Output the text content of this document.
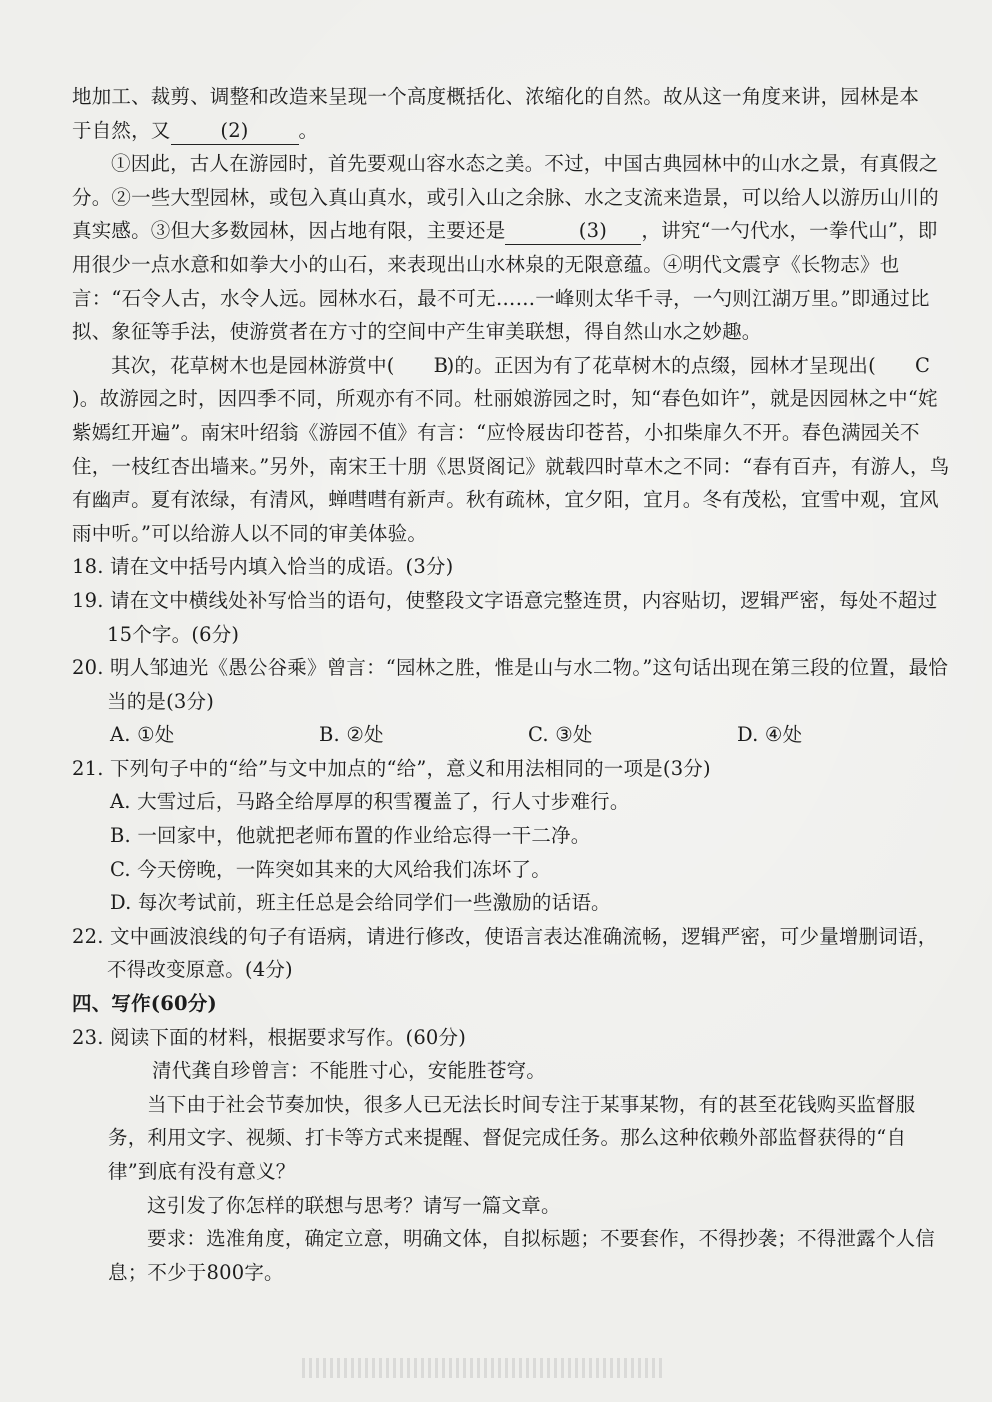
地加工、裁剪、调整和改造来呈现一个高度概括化、浓缩化的自然。故从这一角度来讲，园林是本

于自然，又	(2)	。

①因此，古人在游园时，首先要观山容水态之美。不过，中国古典园林中的山水之景，有真假之分。②一些大型园林，或包入真山真水，或引入山之余脉、水之支流来造景，可以给人以游历山川的真实感。③但大多数园林，因占地有限，主要还是	(3) ，讲究“一勺代水，一拳代山”，即用很少一点水意和如拳大小的山石，来表现出山水林泉的无限意蕴。④明代文震亨《长物志》也言：“石令人古，水令人远。园林水石，最不可无……一峰则太华千寻，一勺则江湖万里。”即通过比拟、象征等手法，使游赏者在方寸的空间中产生审美联想，得自然山水之妙趣。

其次，花草树木也是园林游赏中( B)的。正因为有了花草树木的点缀，园林才呈现出( C)。故游园之时，因四季不同，所观亦有不同。杜丽娘游园之时，知“春色如许”，就是因园林之中“姹紫嫣红开遍”。南宋叶绍翁《游园不值》有言：“应怜屐齿印苍苔，小扣柴扉久不开。春色满园关不住，一枝红杏出墙来。”另外，南宋王十朋《思贤阁记》就载四时草木之不同：“春有百卉，有游人，鸟有幽声。夏有浓绿，有清风，蝉嘒嘒有新声。秋有疏林，宜夕阳，宜月。冬有茂松，宜雪中观，宜风雨中听。”可以给游人以不同的审美体验。

18. 请在文中括号内填入恰当的成语。(3分)

19. 请在文中横线处补写恰当的语句，使整段文字语意完整连贯，内容贴切，逻辑严密，每处不超过15个字。(6分)

20. 明人邹迪光《愚公谷乘》曾言：“园林之胜，惟是山与水二物。”这句话出现在第三段的位置，最恰当的是(3分)

A. ①处	B. ②处	C. ③处	D. ④处

21. 下列句子中的“给”与文中加点的“给”，意义和用法相同的一项是(3分)

A. 大雪过后，马路全给厚厚的积雪覆盖了，行人寸步难行。

B. 一回家中，他就把老师布置的作业给忘得一干二净。

C. 今天傍晚，一阵突如其来的大风给我们冻坏了。

D. 每次考试前，班主任总是会给同学们一些激励的话语。

22. 文中画波浪线的句子有语病，请进行修改，使语言表达准确流畅，逻辑严密，可少量增删词语，不得改变原意。(4分)

四、写作(60分)

23. 阅读下面的材料，根据要求写作。(60分)

清代龚自珍曾言：不能胜寸心，安能胜苍穹。

当下由于社会节奏加快，很多人已无法长时间专注于某事某物，有的甚至花钱购买监督服务，利用文字、视频、打卡等方式来提醒、督促完成任务。那么这种依赖外部监督获得的“自律”到底有没有意义？

这引发了你怎样的联想与思考？请写一篇文章。

要求：选准角度，确定立意，明确文体，自拟标题；不要套作，不得抄袭；不得泄露个人信息；不少于800字。
